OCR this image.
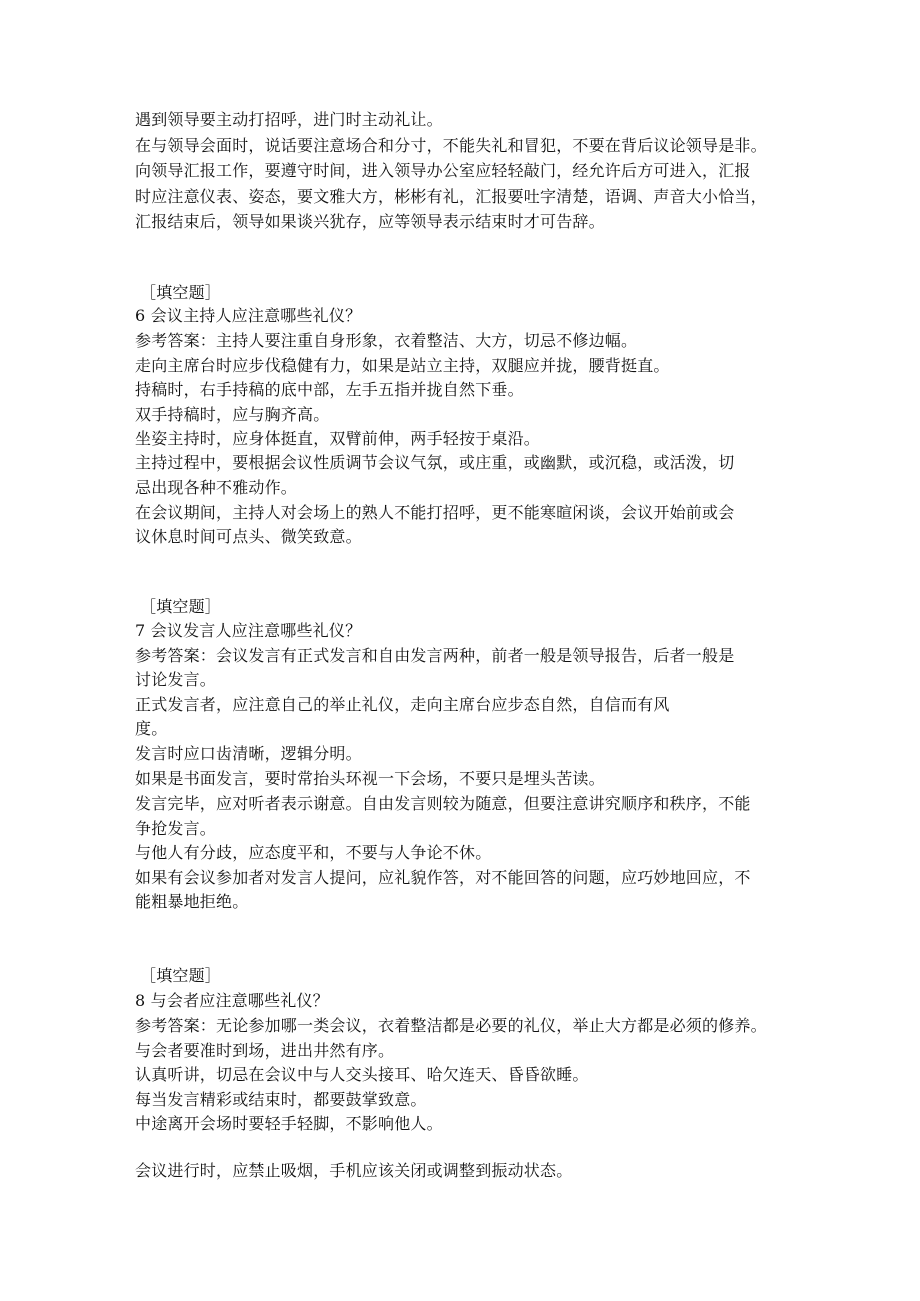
遇到领导要主动打招呼，进门时主动礼让。
在与领导会面时，说话要注意场合和分寸，不能失礼和冒犯，不要在背后议论领导是非。
向领导汇报工作，要遵守时间，进入领导办公室应轻轻敲门，经允许后方可进入，汇报
时应注意仪表、姿态，要文雅大方，彬彬有礼，汇报要吐字清楚，语调、声音大小恰当，
汇报结束后，领导如果谈兴犹存，应等领导表示结束时才可告辞。
［填空题］
6 会议主持人应注意哪些礼仪？
参考答案：主持人要注重自身形象，衣着整洁、大方，切忌不修边幅。
走向主席台时应步伐稳健有力，如果是站立主持，双腿应并拢，腰背挺直。
持稿时，右手持稿的底中部，左手五指并拢自然下垂。
双手持稿时，应与胸齐高。
坐姿主持时，应身体挺直，双臂前伸，两手轻按于桌沿。
主持过程中，要根据会议性质调节会议气氛，或庄重，或幽默，或沉稳，或活泼，切
忌出现各种不雅动作。
在会议期间，主持人对会场上的熟人不能打招呼，更不能寒暄闲谈，会议开始前或会
议休息时间可点头、微笑致意。
［填空题］
7 会议发言人应注意哪些礼仪？
参考答案：会议发言有正式发言和自由发言两种，前者一般是领导报告，后者一般是
讨论发言。
正式发言者，应注意自己的举止礼仪，走向主席台应步态自然，自信而有风
度。
发言时应口齿清晰，逻辑分明。
如果是书面发言，要时常抬头环视一下会场，不要只是埋头苦读。
发言完毕，应对听者表示谢意。自由发言则较为随意，但要注意讲究顺序和秩序，不能
争抢发言。
与他人有分歧，应态度平和，不要与人争论不休。
如果有会议参加者对发言人提问，应礼貌作答，对不能回答的问题，应巧妙地回应，不
能粗暴地拒绝。
［填空题］
8 与会者应注意哪些礼仪？
参考答案：无论参加哪一类会议，衣着整洁都是必要的礼仪，举止大方都是必须的修养。
与会者要准时到场，进出井然有序。
认真听讲，切忌在会议中与人交头接耳、哈欠连天、昏昏欲睡。
每当发言精彩或结束时，都要鼓掌致意。
中途离开会场时要轻手轻脚，不影响他人。
会议进行时，应禁止吸烟，手机应该关闭或调整到振动状态。
